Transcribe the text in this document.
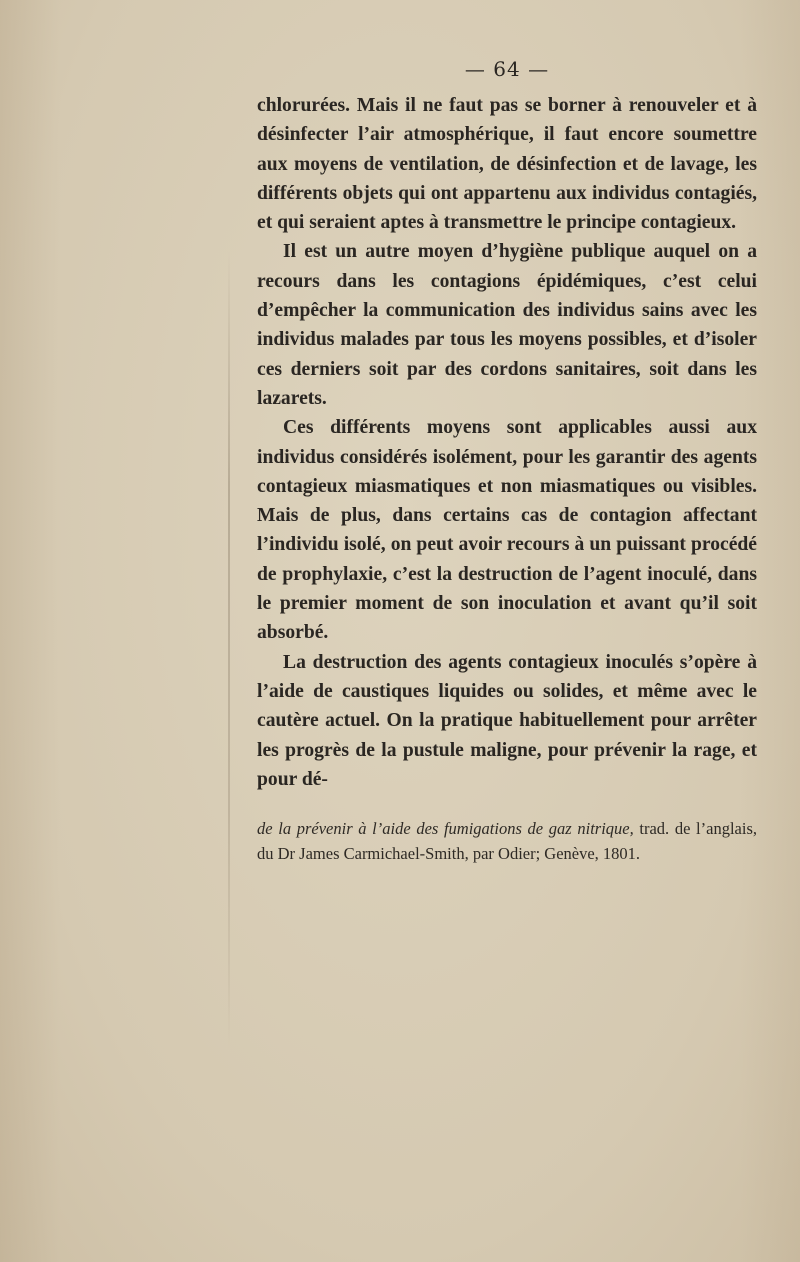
— 64 —

chlorurées. Mais il ne faut pas se borner à renouveler et à désinfecter l’air atmosphérique, il faut encore soumettre aux moyens de ventilation, de désinfection et de lavage, les différents objets qui ont appartenu aux individus contagiés, et qui seraient aptes à transmettre le principe contagieux.

Il est un autre moyen d’hygiène publique auquel on a recours dans les contagions épidémiques, c’est celui d’empêcher la communication des individus sains avec les individus malades par tous les moyens possibles, et d’isoler ces derniers soit par des cordons sanitaires, soit dans les lazarets.

Ces différents moyens sont applicables aussi aux individus considérés isolément, pour les garantir des agents contagieux miasmatiques et non miasmatiques ou visibles. Mais de plus, dans certains cas de contagion affectant l’individu isolé, on peut avoir recours à un puissant procédé de prophylaxie, c’est la destruction de l’agent inoculé, dans le premier moment de son inoculation et avant qu’il soit absorbé.

La destruction des agents contagieux inoculés s’opère à l’aide de caustiques liquides ou solides, et même avec le cautère actuel. On la pratique habituellement pour arrêter les progrès de la pustule maligne, pour prévenir la rage, et pour dé-

de la prévenir à l’aide des fumigations de gaz nitrique, trad. de l’anglais, du Dr James Carmichael-Smith, par Odier; Genève, 1801.
